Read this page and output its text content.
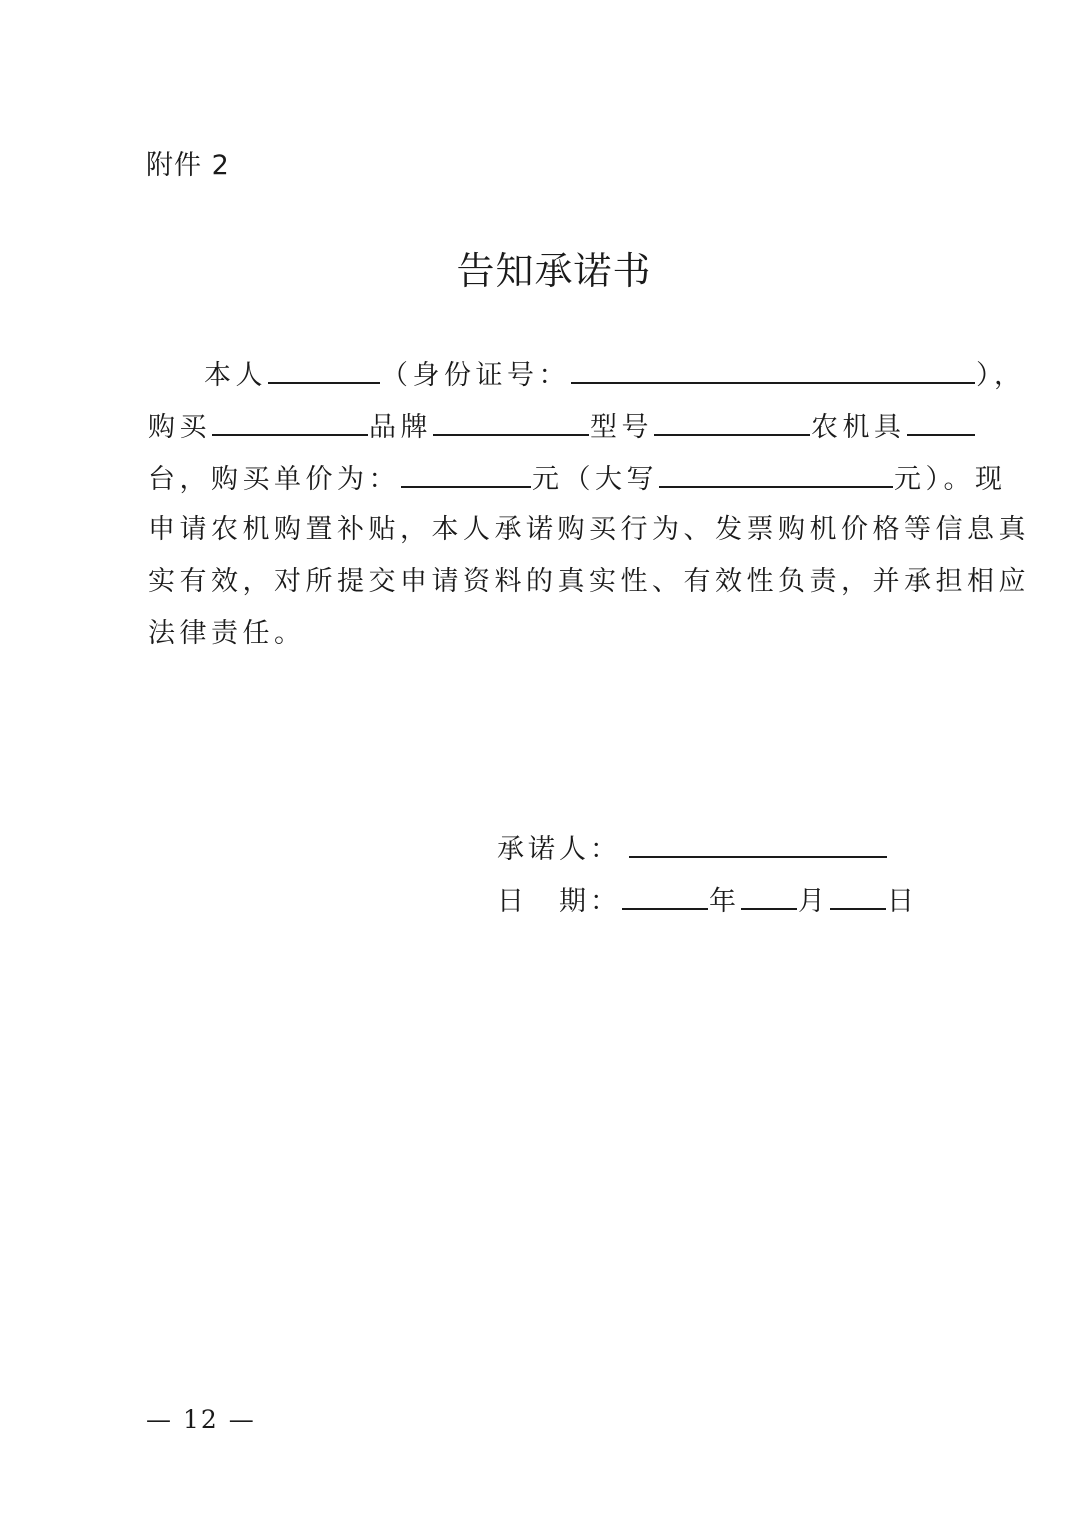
附件 2
告知承诺书
本人	（身份证号：	），
购买	品牌	型号	农机具
台，购买单价为：	元（大写	元）。现
申请农机购置补贴，本人承诺购买行为、发票购机价格等信息真
实有效，对所提交申请资料的真实性、有效性负责，并承担相应
法律责任。
承诺人：
日　期：	年 月 日
— 12 —
